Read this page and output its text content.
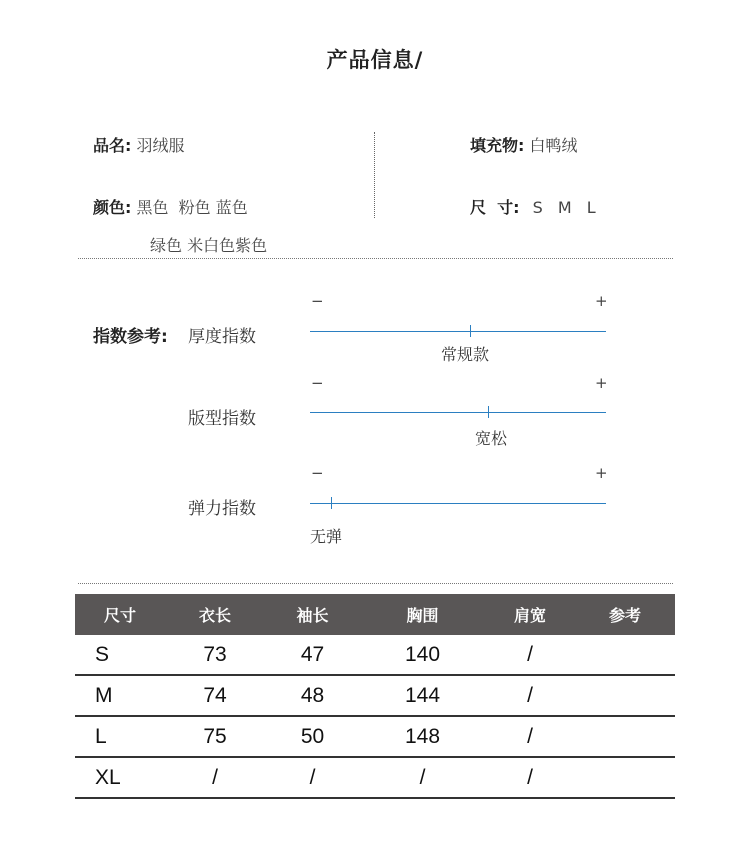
产品信息/
品名: 羽绒服	填充物: 白鸭绒
颜色: 黑色  粉色 蓝色
绿色 米白色紫色
尺  寸: S M L
指数参考: 厚度指数
−	+
常规款
版型指数
−	+
宽松
弹力指数
−	+
无弹
尺寸	衣长	袖长	胸围	肩宽	参考
S	73	47	140	/	
M	74	48	144	/	
L	75	50	148	/	
XL	/	/	/	/	
